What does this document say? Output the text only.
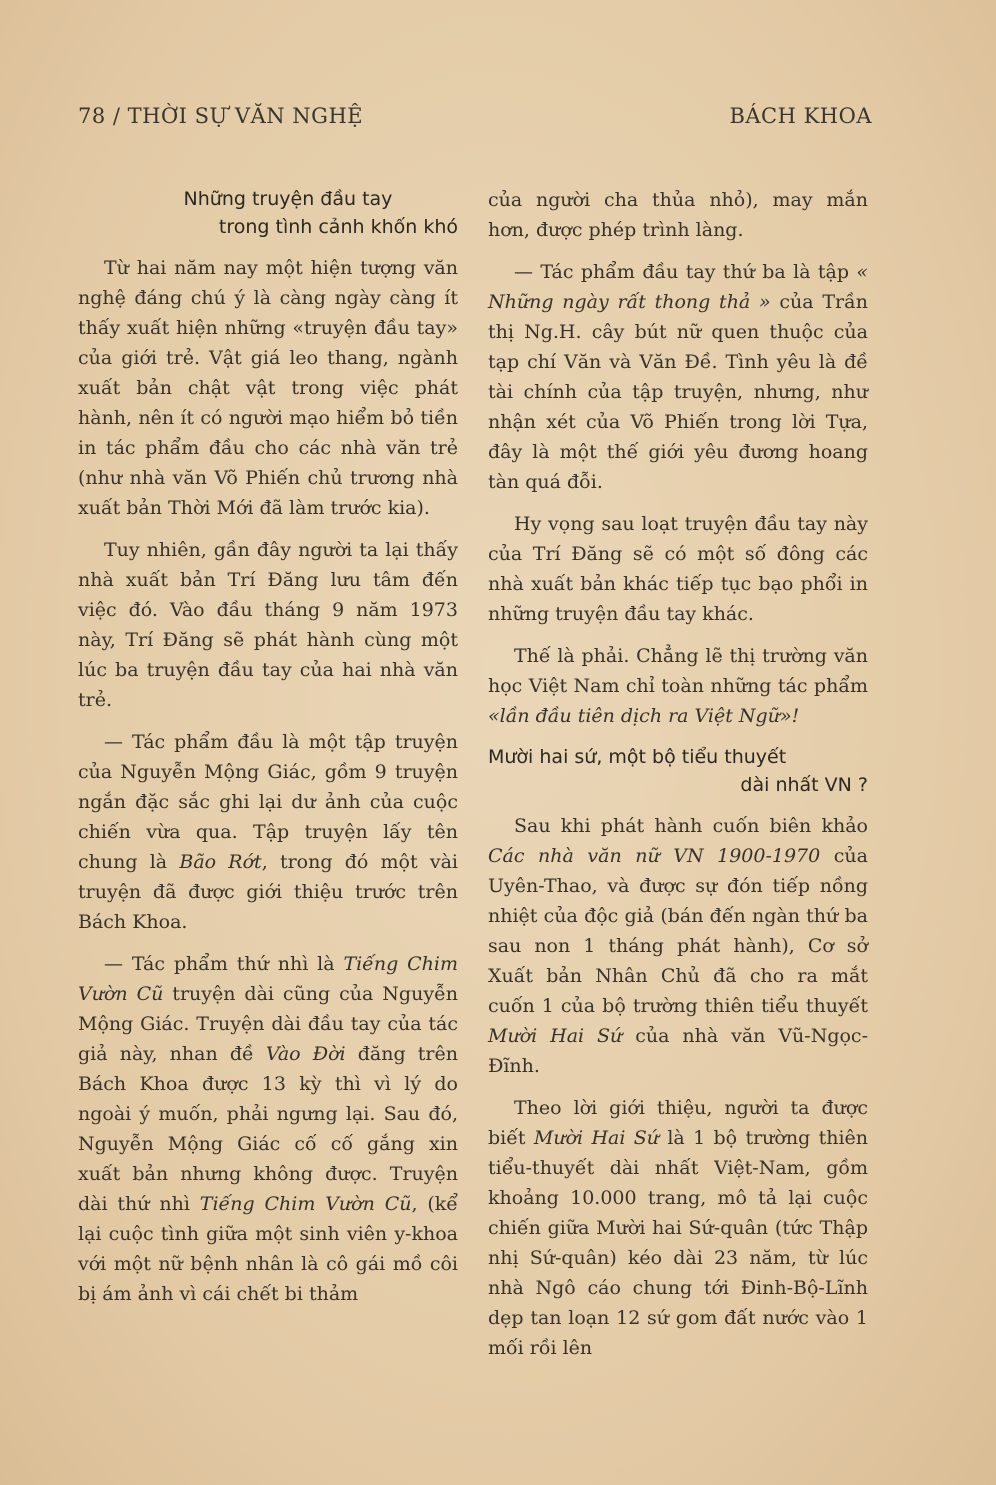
78 / THỜI SỰ VĂN NGHỆ	BÁCH KHOA
Những truyện đầu tay
trong tình cảnh khốn khó

Từ hai năm nay một hiện tượng văn nghệ đáng chú ý là càng ngày càng ít thấy xuất hiện những «truyện đầu tay» của giới trẻ. Vật giá leo thang, ngành xuất bản chật vật trong việc phát hành, nên ít có người mạo hiểm bỏ tiền in tác phẩm đầu cho các nhà văn trẻ (như nhà văn Võ Phiến chủ trương nhà xuất bản Thời Mới đã làm trước kia).

Tuy nhiên, gần đây người ta lại thấy nhà xuất bản Trí Đăng lưu tâm đến việc đó. Vào đầu tháng 9 năm 1973 này, Trí Đăng sẽ phát hành cùng một lúc ba truyện đầu tay của hai nhà văn trẻ.

— Tác phẩm đầu là một tập truyện của Nguyễn Mộng Giác, gồm 9 truyện ngắn đặc sắc ghi lại dư ảnh của cuộc chiến vừa qua. Tập truyện lấy tên chung là Bão Rớt, trong đó một vài truyện đã được giới thiệu trước trên Bách Khoa.

— Tác phẩm thứ nhì là Tiếng Chim Vườn Cũ truyện dài cũng của Nguyễn Mộng Giác. Truyện dài đầu tay của tác giả này, nhan đề Vào Đời đăng trên Bách Khoa được 13 kỳ thì vì lý do ngoài ý muốn, phải ngưng lại. Sau đó, Nguyễn Mộng Giác cố cố gắng xin xuất bản nhưng không được. Truyện dài thứ nhì Tiếng Chim Vườn Cũ, (kể lại cuộc tình giữa một sinh viên y-khoa với một nữ bệnh nhân là cô gái mồ côi bị ám ảnh vì cái chết bi thảm

của người cha thủa nhỏ), may mắn hơn, được phép trình làng.

— Tác phẩm đầu tay thứ ba là tập « Những ngày rất thong thả » của Trần thị Ng.H. cây bút nữ quen thuộc của tạp chí Văn và Văn Đề. Tình yêu là đề tài chính của tập truyện, nhưng, như nhận xét của Võ Phiến trong lời Tựa, đây là một thế giới yêu đương hoang tàn quá đỗi.

Hy vọng sau loạt truyện đầu tay này của Trí Đăng sẽ có một số đông các nhà xuất bản khác tiếp tục bạo phổi in những truyện đầu tay khác.

Thế là phải. Chẳng lẽ thị trường văn học Việt Nam chỉ toàn những tác phẩm «lần đầu tiên dịch ra Việt Ngữ»!

Mười hai sứ, một bộ tiểu thuyết
dài nhất VN ?

Sau khi phát hành cuốn biên khảo Các nhà văn nữ VN 1900-1970 của Uyên-Thao, và được sự đón tiếp nồng nhiệt của độc giả (bán đến ngàn thứ ba sau non 1 tháng phát hành), Cơ sở Xuất bản Nhân Chủ đã cho ra mắt cuốn 1 của bộ trường thiên tiểu thuyết Mười Hai Sứ của nhà văn Vũ-Ngọc-Đĩnh.

Theo lời giới thiệu, người ta được biết Mười Hai Sứ là 1 bộ trường thiên tiểu-thuyết dài nhất Việt-Nam, gồm khoảng 10.000 trang, mô tả lại cuộc chiến giữa Mười hai Sứ-quân (tức Thập nhị Sứ-quân) kéo dài 23 năm, từ lúc nhà Ngô cáo chung tới Đinh-Bộ-Lĩnh dẹp tan loạn 12 sứ gom đất nước vào 1 mối rồi lên
